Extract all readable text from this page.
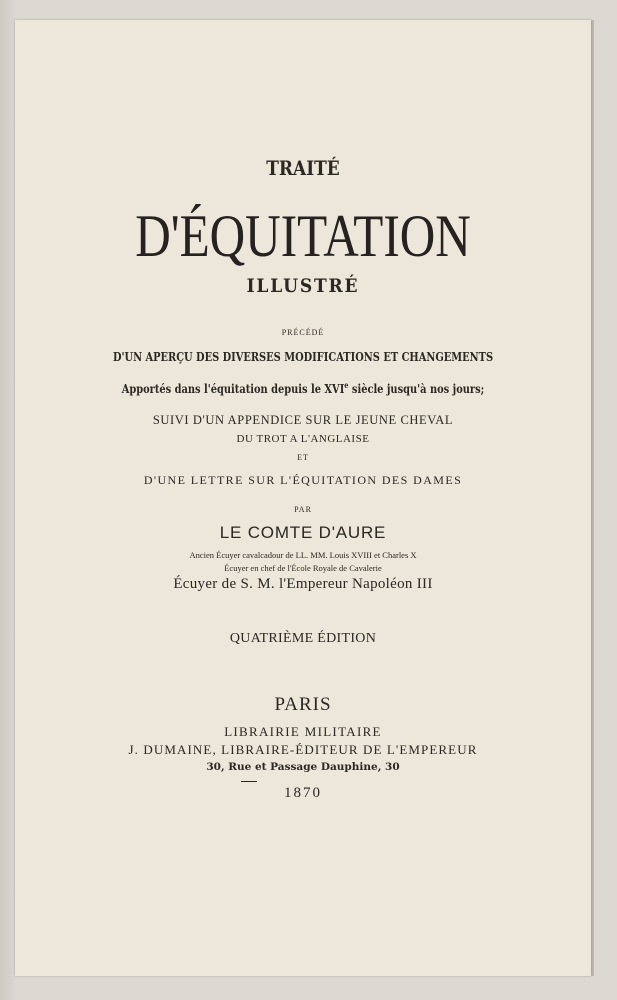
TRAITÉ
D'ÉQUITATION
ILLUSTRÉ
PRÉCÉDÉ
D'UN APERÇU DES DIVERSES MODIFICATIONS ET CHANGEMENTS
Apportés dans l'équitation depuis le XVIe siècle jusqu'à nos jours;
SUIVI D'UN APPENDICE SUR LE JEUNE CHEVAL
DU TROT A L'ANGLAISE
ET
D'UNE LETTRE SUR L'ÉQUITATION DES DAMES
PAR
LE COMTE D'AURE
Ancien Écuyer cavalcadour de LL. MM. Louis XVIII et Charles X
Écuyer en chef de l'École Royale de Cavalerie
Écuyer de S. M. l'Empereur Napoléon III
QUATRIÈME ÉDITION
PARIS
LIBRAIRIE MILITAIRE
J. DUMAINE, LIBRAIRE-ÉDITEUR DE L'EMPEREUR
30, Rue et Passage Dauphine, 30
1870
